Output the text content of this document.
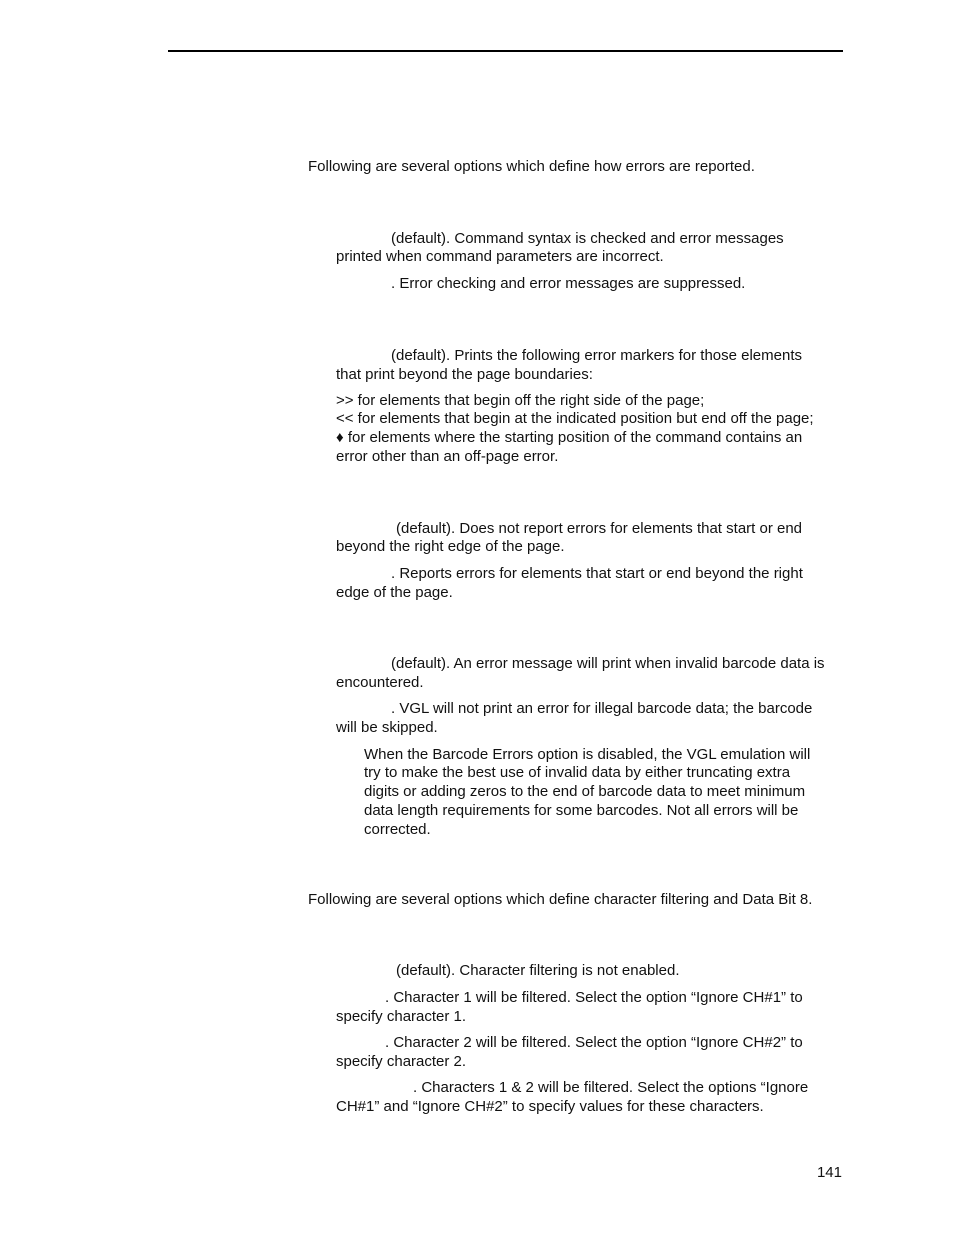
Following are several options which define how errors are reported.

(default). Command syntax is checked and error messages

printed when command parameters are incorrect.

. Error checking and error messages are suppressed.

(default). Prints the following error markers for those elements

that print beyond the page boundaries:

>> for elements that begin off the right side of the page;

<< for elements that begin at the indicated position but end off the page;

♦ for elements where the starting position of the command contains an

error other than an off-page error.

(default). Does not report errors for elements that start or end

beyond the right edge of the page.

. Reports errors for elements that start or end beyond the right

edge of the page.

(default). An error message will print when invalid barcode data is

encountered.

. VGL will not print an error for illegal barcode data; the barcode

will be skipped.

When the Barcode Errors option is disabled, the VGL emulation will

try to make the best use of invalid data by either truncating extra

digits or adding zeros to the end of barcode data to meet minimum

data length requirements for some barcodes. Not all errors will be

corrected.

Following are several options which define character filtering and Data Bit 8.

(default). Character filtering is not enabled.

. Character 1 will be filtered. Select the option “Ignore CH#1” to

specify character 1.

. Character 2 will be filtered. Select the option “Ignore CH#2” to

specify character 2.

. Characters 1 & 2 will be filtered. Select the options “Ignore

CH#1” and “Ignore CH#2” to specify values for these characters.

141
